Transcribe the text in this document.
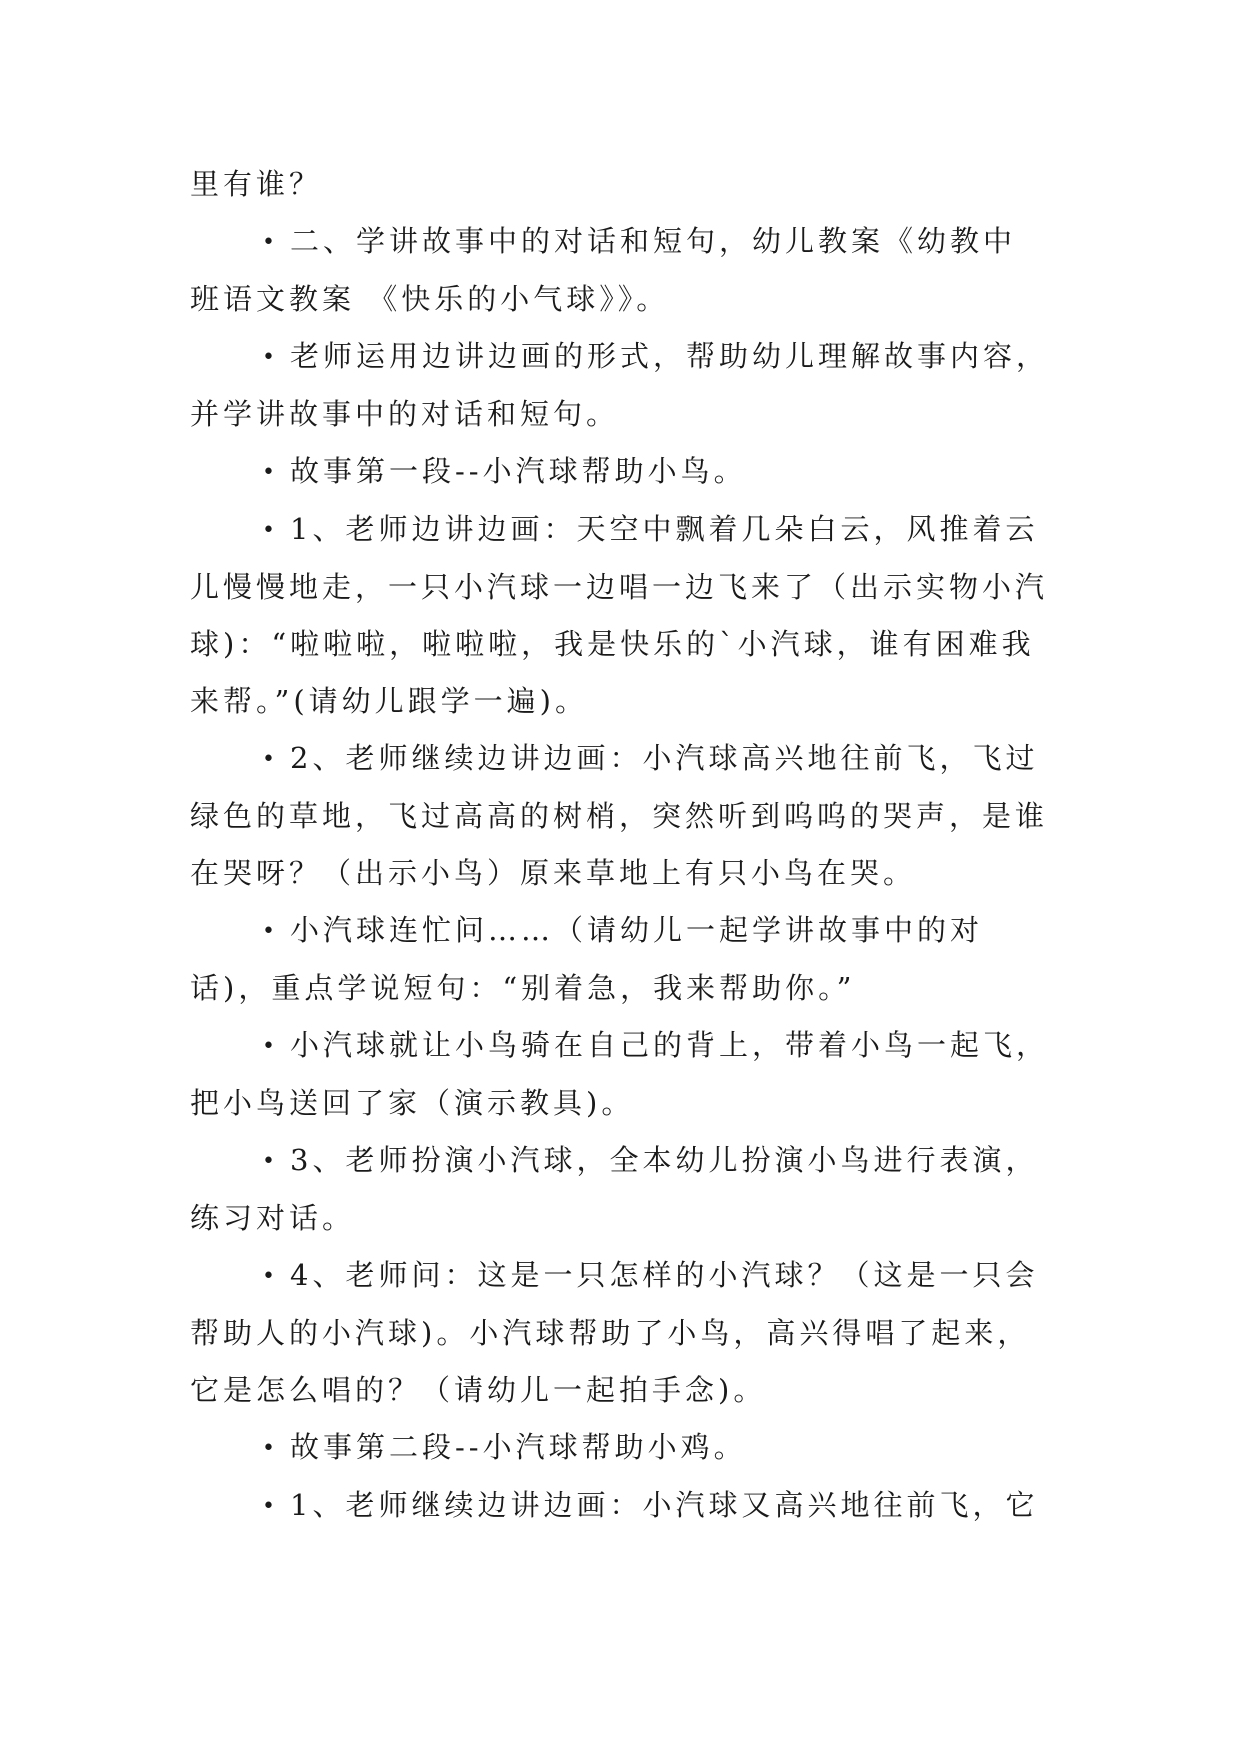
里有谁？
• 二、学讲故事中的对话和短句，幼儿教案《幼教中
班语文教案 《快乐的小气球》》。
• 老师运用边讲边画的形式，帮助幼儿理解故事内容，
并学讲故事中的对话和短句。
• 故事第一段--小汽球帮助小鸟。
• 1、老师边讲边画：天空中飘着几朵白云，风推着云
儿慢慢地走，一只小汽球一边唱一边飞来了（出示实物小汽
球)：“啦啦啦，啦啦啦，我是快乐的`小汽球，谁有困难我
来帮。”(请幼儿跟学一遍)。
• 2、老师继续边讲边画：小汽球高兴地往前飞，飞过
绿色的草地，飞过高高的树梢，突然听到呜呜的哭声，是谁
在哭呀？（出示小鸟）原来草地上有只小鸟在哭。
• 小汽球连忙问……（请幼儿一起学讲故事中的对
话)，重点学说短句：“别着急，我来帮助你。”
• 小汽球就让小鸟骑在自己的背上，带着小鸟一起飞，
把小鸟送回了家（演示教具)。
• 3、老师扮演小汽球，全本幼儿扮演小鸟进行表演，
练习对话。
• 4、老师问：这是一只怎样的小汽球？（这是一只会
帮助人的小汽球)。小汽球帮助了小鸟，高兴得唱了起来，
它是怎么唱的？（请幼儿一起拍手念)。
• 故事第二段--小汽球帮助小鸡。
• 1、老师继续边讲边画：小汽球又高兴地往前飞，它
